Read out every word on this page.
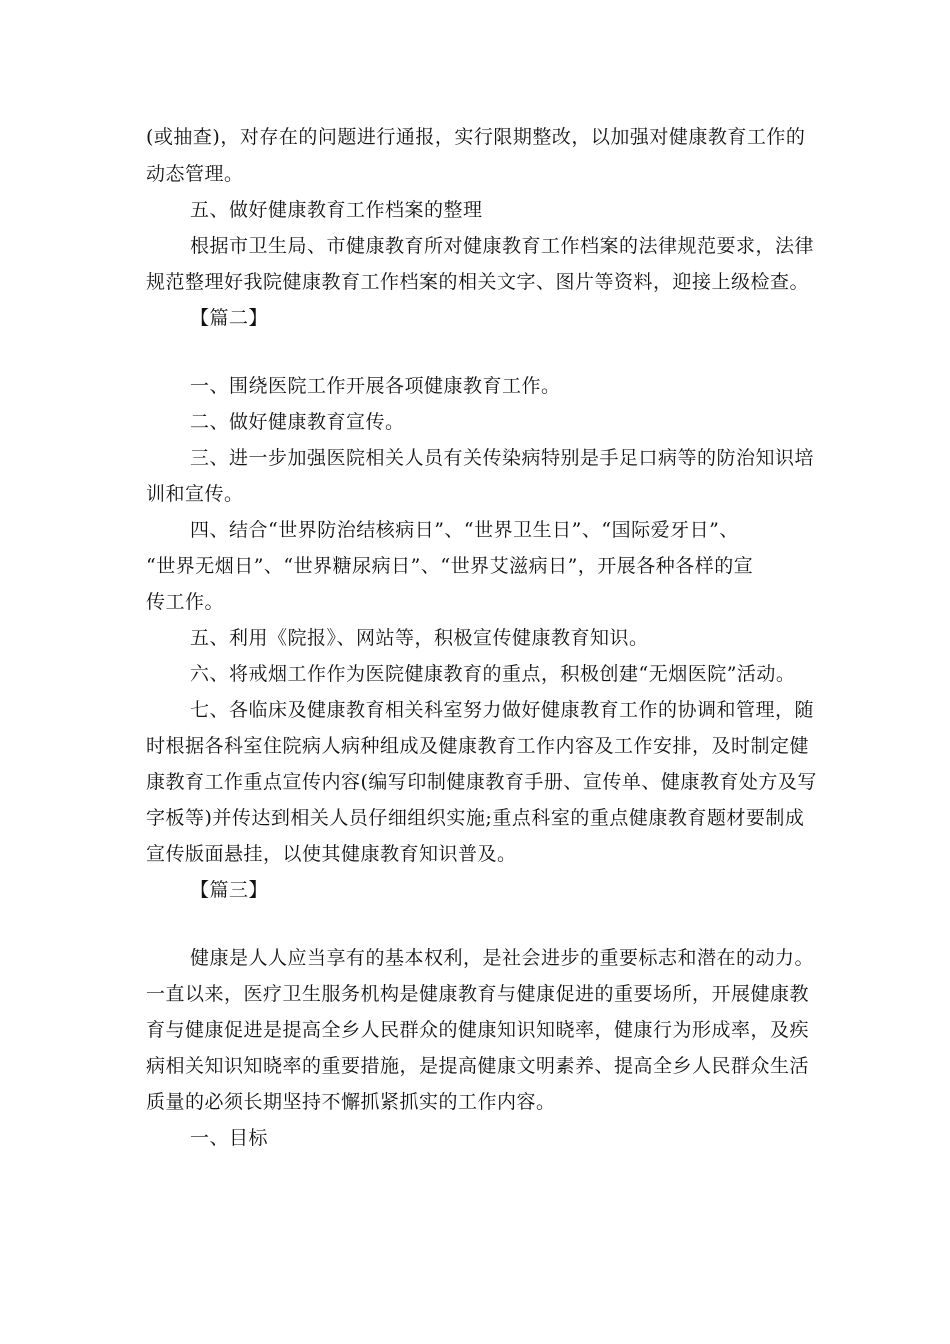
(或抽查)，对存在的问题进行通报，实行限期整改，以加强对健康教育工作的
动态管理。
五、做好健康教育工作档案的整理
根据市卫生局、市健康教育所对健康教育工作档案的法律规范要求，法律
规范整理好我院健康教育工作档案的相关文字、图片等资料，迎接上级检查。
【篇二】
一、围绕医院工作开展各项健康教育工作。
二、做好健康教育宣传。
三、进一步加强医院相关人员有关传染病特别是手足口病等的防治知识培
训和宣传。
四、结合“世界防治结核病日”、“世界卫生日”、“国际爱牙日”、
“世界无烟日”、“世界糖尿病日”、“世界艾滋病日”，开展各种各样的宣
传工作。
五、利用《院报》、网站等，积极宣传健康教育知识。
六、将戒烟工作作为医院健康教育的重点，积极创建“无烟医院”活动。
七、各临床及健康教育相关科室努力做好健康教育工作的协调和管理，随
时根据各科室住院病人病种组成及健康教育工作内容及工作安排，及时制定健
康教育工作重点宣传内容(编写印制健康教育手册、宣传单、健康教育处方及写
字板等)并传达到相关人员仔细组织实施;重点科室的重点健康教育题材要制成
宣传版面悬挂，以使其健康教育知识普及。
【篇三】
健康是人人应当享有的基本权利，是社会进步的重要标志和潜在的动力。
一直以来，医疗卫生服务机构是健康教育与健康促进的重要场所，开展健康教
育与健康促进是提高全乡人民群众的健康知识知晓率，健康行为形成率，及疾
病相关知识知晓率的重要措施，是提高健康文明素养、提高全乡人民群众生活
质量的必须长期坚持不懈抓紧抓实的工作内容。
一、目标
